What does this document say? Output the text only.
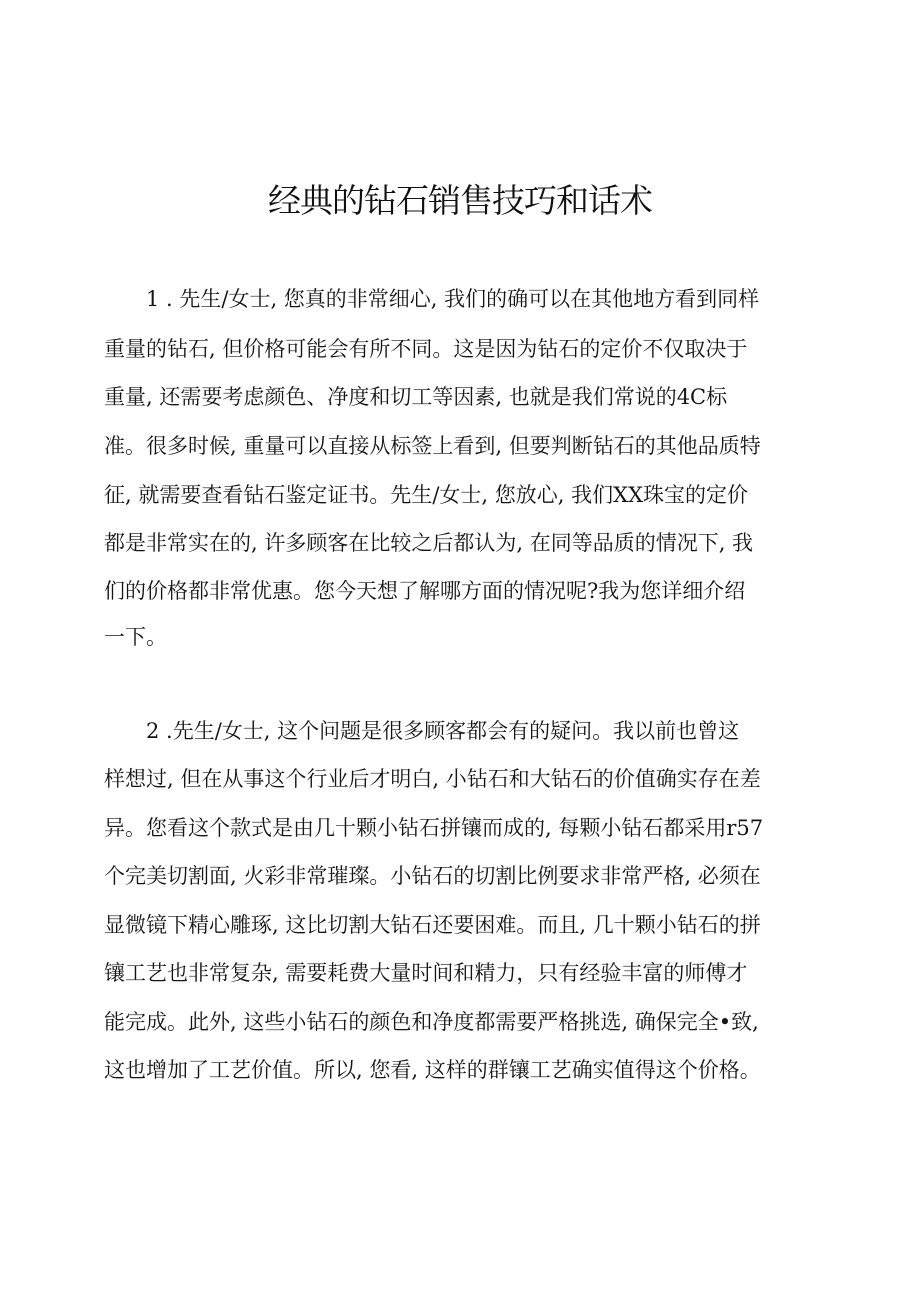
经典的钻石销售技巧和话术
1 . 先生/女士, 您真的非常细心, 我们的确可以在其他地方看到同样
重量的钻石, 但价格可能会有所不同。这是因为钻石的定价不仅取决于
重量, 还需要考虑颜色、净度和切工等因素, 也就是我们常说的4C标
准。很多时候, 重量可以直接从标签上看到, 但要判断钻石的其他品质特
征, 就需要查看钻石鉴定证书。先生/女士, 您放心, 我们XX珠宝的定价
都是非常实在的, 许多顾客在比较之后都认为, 在同等品质的情况下, 我
们的价格都非常优惠。您今天想了解哪方面的情况呢?我为您详细介绍
一下。
2 .先生/女士, 这个问题是很多顾客都会有的疑问。我以前也曾这
样想过, 但在从事这个行业后才明白, 小钻石和大钻石的价值确实存在差
异。您看这个款式是由几十颗小钻石拼镶而成的, 每颗小钻石都采用r57
个完美切割面, 火彩非常璀璨。小钻石的切割比例要求非常严格, 必须在
显微镜下精心雕琢, 这比切割大钻石还要困难。而且, 几十颗小钻石的拼
镶工艺也非常复杂, 需要耗费大量时间和精力，只有经验丰富的师傅才
能完成。此外, 这些小钻石的颜色和净度都需要严格挑选, 确保完全•致,
这也增加了工艺价值。所以, 您看, 这样的群镶工艺确实值得这个价格。
